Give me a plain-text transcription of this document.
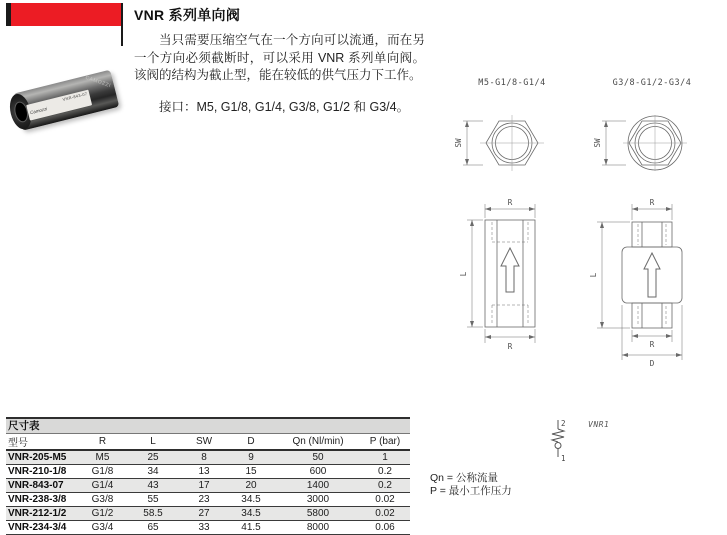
VNR 系列单向阀
当只需要压缩空气在一个方向可以流通，而在另一个方向必须截断时，可以采用 VNR 系列单向阀。该阀的结构为截止型，能在较低的供气压力下工作。
接口：M5, G1/8, G1/4, G3/8, G1/2 和 G3/4。
VNR-843-07
Camozzi
CAMOZZI	M5-G1/8-G1/4	G3/8-G1/2-G3/4
SW	SW
R
R
L
R
R
D
L
2
1
VNR1
Qn = 公称流量
P = 最小工作压力
尺寸表
型号	R	L	SW	D	Qn (Nl/min)	P (bar)
VNR-205-M5	M5	25	8	9	50	1
VNR-210-1/8	G1/8	34	13	15	600	0.2
VNR-843-07	G1/4	43	17	20	1400	0.2
VNR-238-3/8	G3/8	55	23	34.5	3000	0.02
VNR-212-1/2	G1/2	58.5	27	34.5	5800	0.02
VNR-234-3/4	G3/4	65	33	41.5	8000	0.06
